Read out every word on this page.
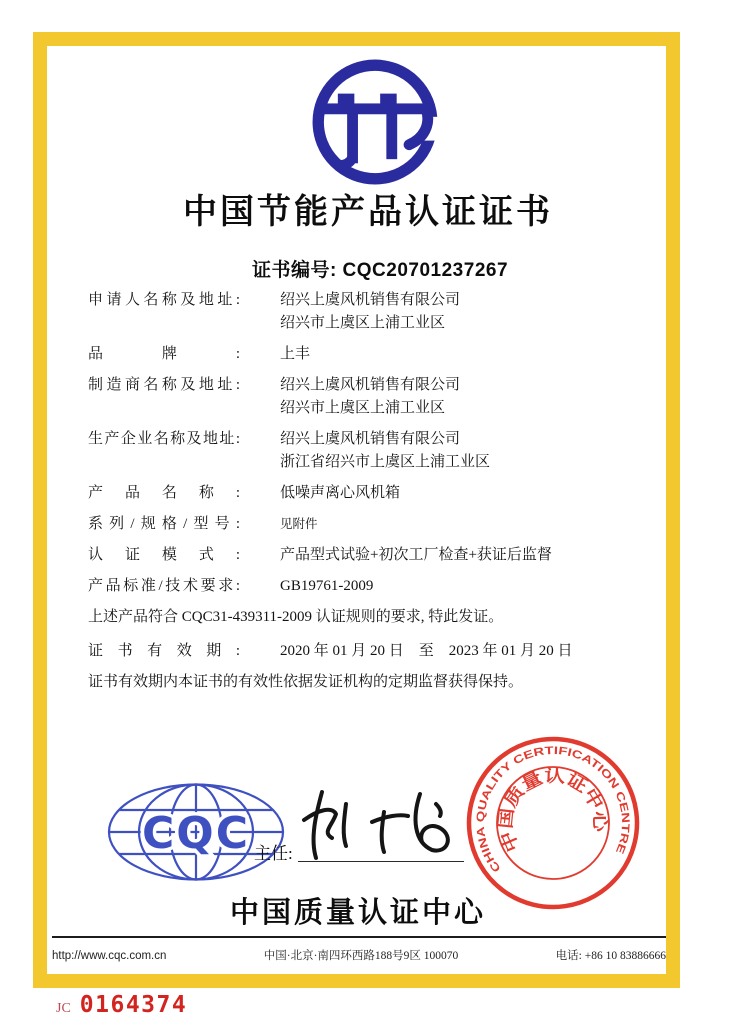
中国节能产品认证证书
证书编号: CQC20701237267
申请人名称及地址:	绍兴上虞风机销售有限公司
绍兴市上虞区上浦工业区
品牌:	上丰
制造商名称及地址:	绍兴上虞风机销售有限公司
绍兴市上虞区上浦工业区
生产企业名称及地址:	绍兴上虞风机销售有限公司
浙江省绍兴市上虞区上浦工业区
产品名称:	低噪声离心风机箱
系列/规格/型号:	见附件
认证模式:	产品型式试验+初次工厂检查+获证后监督
产品标准/技术要求:	GB19761-2009
上述产品符合 CQC31-439311-2009 认证规则的要求, 特此发证。
证书有效期:	2020 年 01 月 20 日　至　2023 年 01 月 20 日
证书有效期内本证书的有效性依据发证机构的定期监督获得保持。
CQC 主任:
CHINA QUALITY CERTIFICATION CENTRE
中国质量认证中心
中国质量认证中心
http://www.cqc.com.cn	中国·北京·南四环西路188号9区 100070	电话: +86 10 83886666
JC 0164374
